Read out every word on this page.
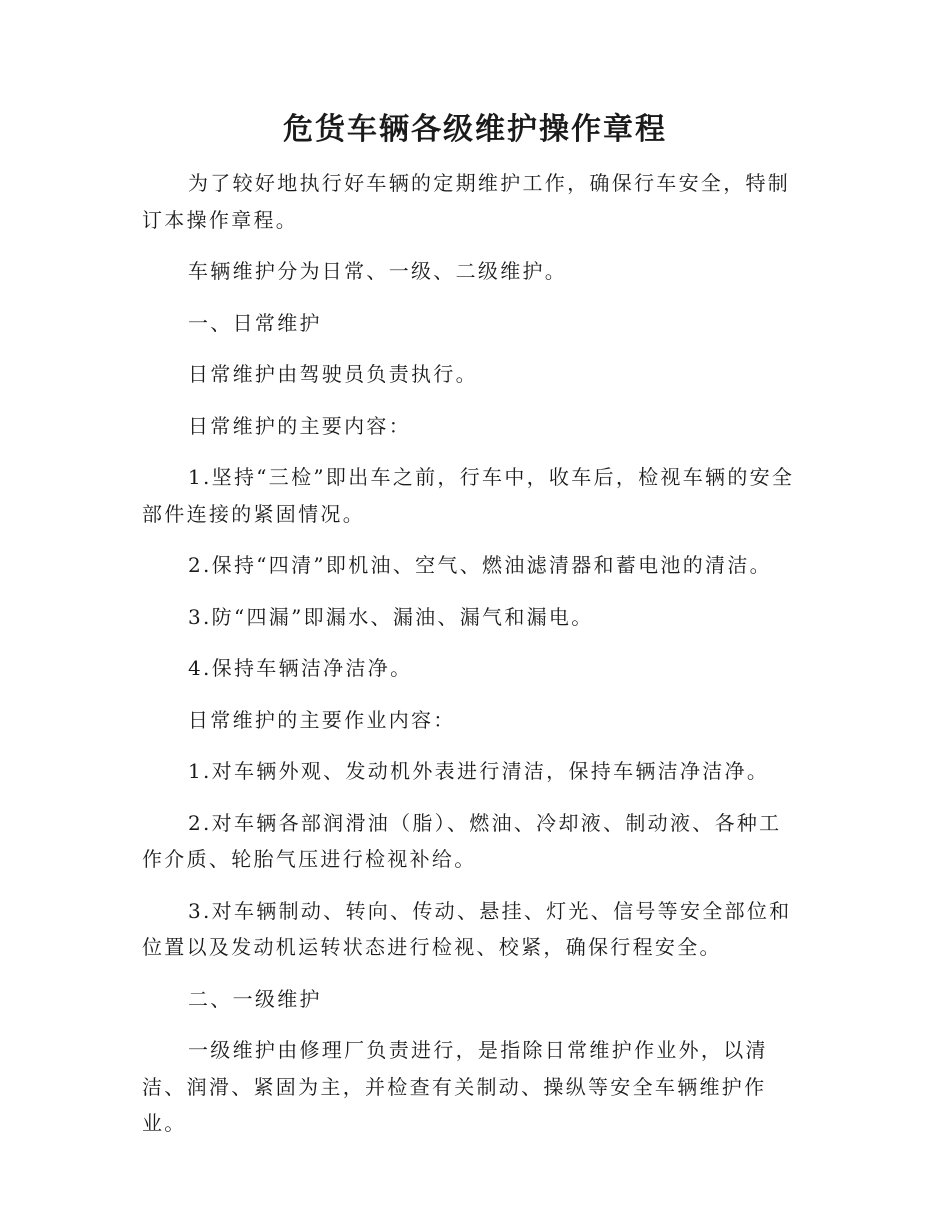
危货车辆各级维护操作章程

为了较好地执行好车辆的定期维护工作，确保行车安全，特制订本操作章程。

车辆维护分为日常、一级、二级维护。

一、日常维护

日常维护由驾驶员负责执行。

日常维护的主要内容：

1.坚持“三检”即出车之前，行车中，收车后，检视车辆的安全部件连接的紧固情况。

2.保持“四清”即机油、空气、燃油滤清器和蓄电池的清洁。

3.防“四漏”即漏水、漏油、漏气和漏电。

4.保持车辆洁净洁净。

日常维护的主要作业内容：

1.对车辆外观、发动机外表进行清洁，保持车辆洁净洁净。

2.对车辆各部润滑油（脂）、燃油、冷却液、制动液、各种工作介质、轮胎气压进行检视补给。

3.对车辆制动、转向、传动、悬挂、灯光、信号等安全部位和位置以及发动机运转状态进行检视、校紧，确保行程安全。

二、一级维护

一级维护由修理厂负责进行，是指除日常维护作业外，以清洁、润滑、紧固为主，并检查有关制动、操纵等安全车辆维护作业。
